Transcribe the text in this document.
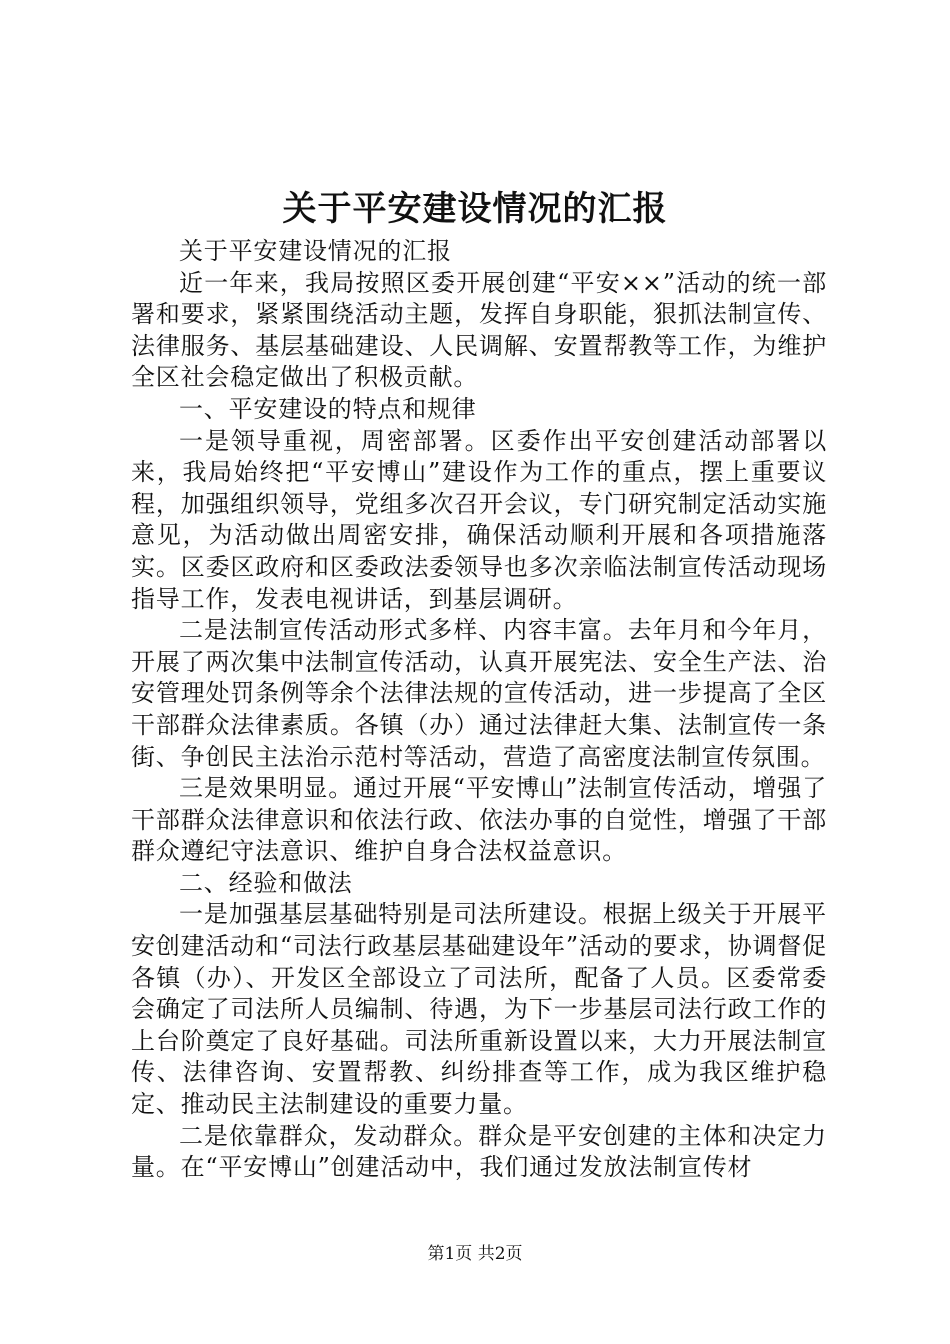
关于平安建设情况的汇报

关于平安建设情况的汇报

近一年来，我局按照区委开展创建“平安××”活动的统一部署和要求，紧紧围绕活动主题，发挥自身职能，狠抓法制宣传、法律服务、基层基础建设、人民调解、安置帮教等工作，为维护全区社会稳定做出了积极贡献。

一、平安建设的特点和规律

一是领导重视，周密部署。区委作出平安创建活动部署以来，我局始终把“平安博山”建设作为工作的重点，摆上重要议程，加强组织领导，党组多次召开会议，专门研究制定活动实施意见，为活动做出周密安排，确保活动顺利开展和各项措施落实。区委区政府和区委政法委领导也多次亲临法制宣传活动现场指导工作，发表电视讲话，到基层调研。

二是法制宣传活动形式多样、内容丰富。去年月和今年月，开展了两次集中法制宣传活动，认真开展宪法、安全生产法、治安管理处罚条例等余个法律法规的宣传活动，进一步提高了全区干部群众法律素质。各镇（办）通过法律赶大集、法制宣传一条街、争创民主法治示范村等活动，营造了高密度法制宣传氛围。

三是效果明显。通过开展“平安博山”法制宣传活动，增强了干部群众法律意识和依法行政、依法办事的自觉性，增强了干部群众遵纪守法意识、维护自身合法权益意识。

二、经验和做法

一是加强基层基础特别是司法所建设。根据上级关于开展平安创建活动和“司法行政基层基础建设年”活动的要求，协调督促各镇（办）、开发区全部设立了司法所，配备了人员。区委常委会确定了司法所人员编制、待遇，为下一步基层司法行政工作的上台阶奠定了良好基础。司法所重新设置以来，大力开展法制宣传、法律咨询、安置帮教、纠纷排查等工作，成为我区维护稳定、推动民主法制建设的重要力量。

二是依靠群众，发动群众。群众是平安创建的主体和决定力量。在“平安博山”创建活动中，我们通过发放法制宣传材

第1页 共2页
